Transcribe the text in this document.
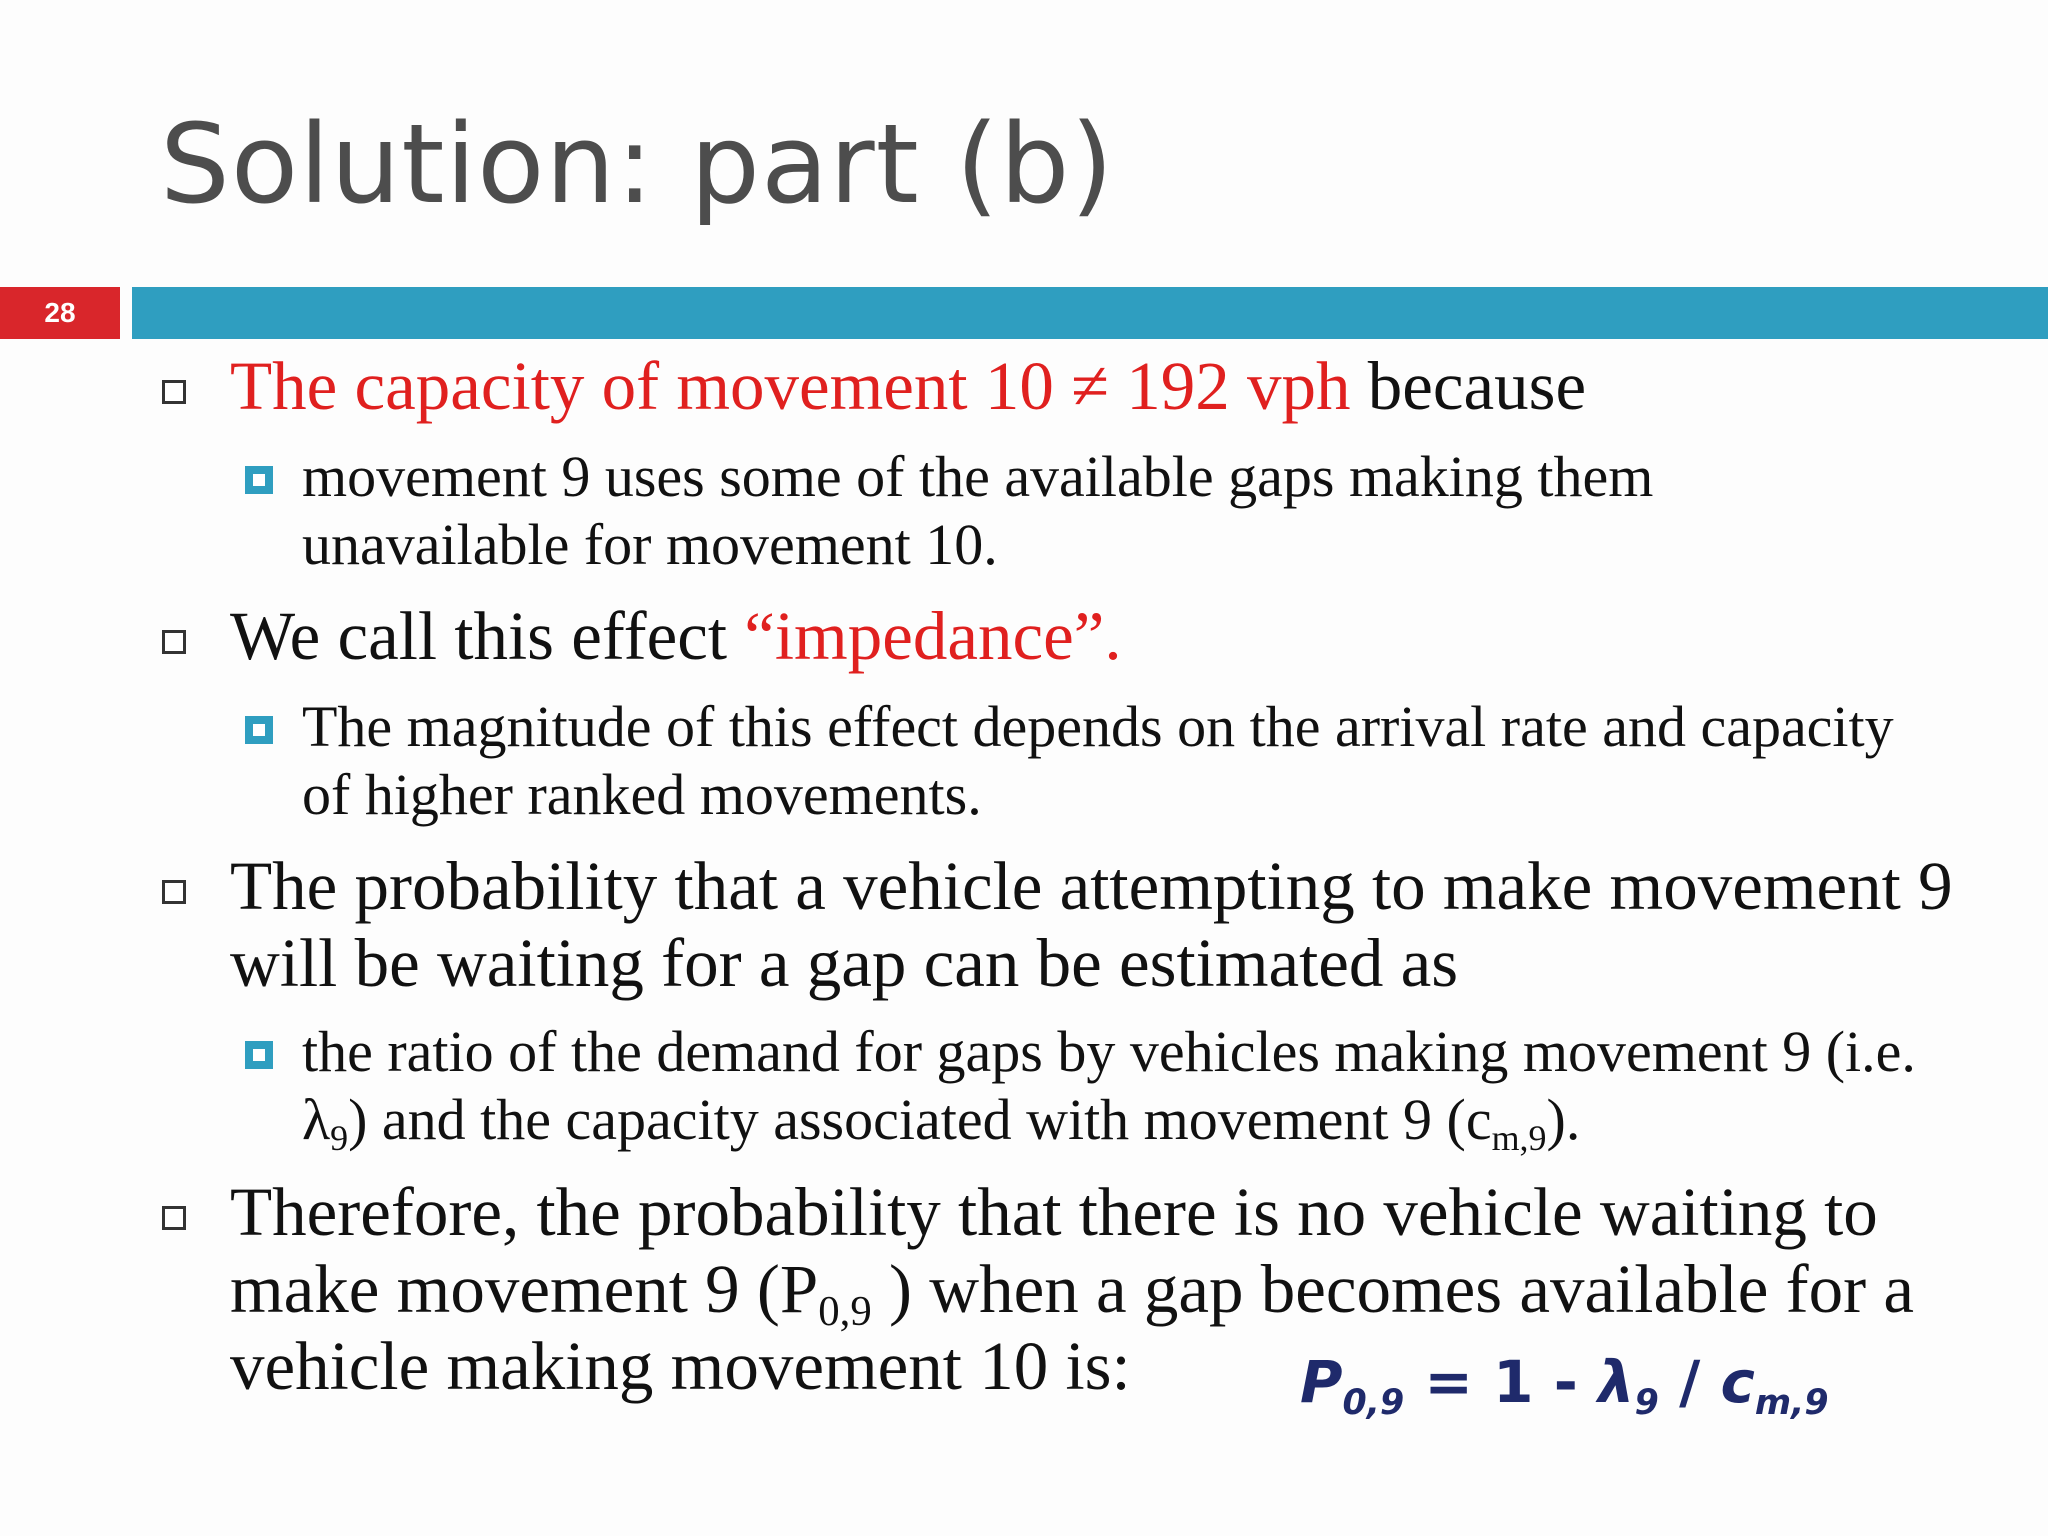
Solution: part (b)
28
The capacity of movement 10 ≠ 192 vph because
movement 9 uses some of the available gaps making them unavailable for movement 10.
We call this effect “impedance”.
The magnitude of this effect depends on the arrival rate and capacity of higher ranked movements.
The probability that a vehicle attempting to make movement 9 will be waiting for a gap can be estimated as
the ratio of the demand for gaps by vehicles making movement 9 (i.e. $\lambda_9$) and the capacity associated with movement 9 $(c_{m,9})$.
Therefore, the probability that there is no vehicle waiting to make movement 9 ($P_{0,9}$ ) when a gap becomes available for a vehicle making movement 10 is:	$P_{0,9} = 1 - \lambda_9 / c_{m,9}$
